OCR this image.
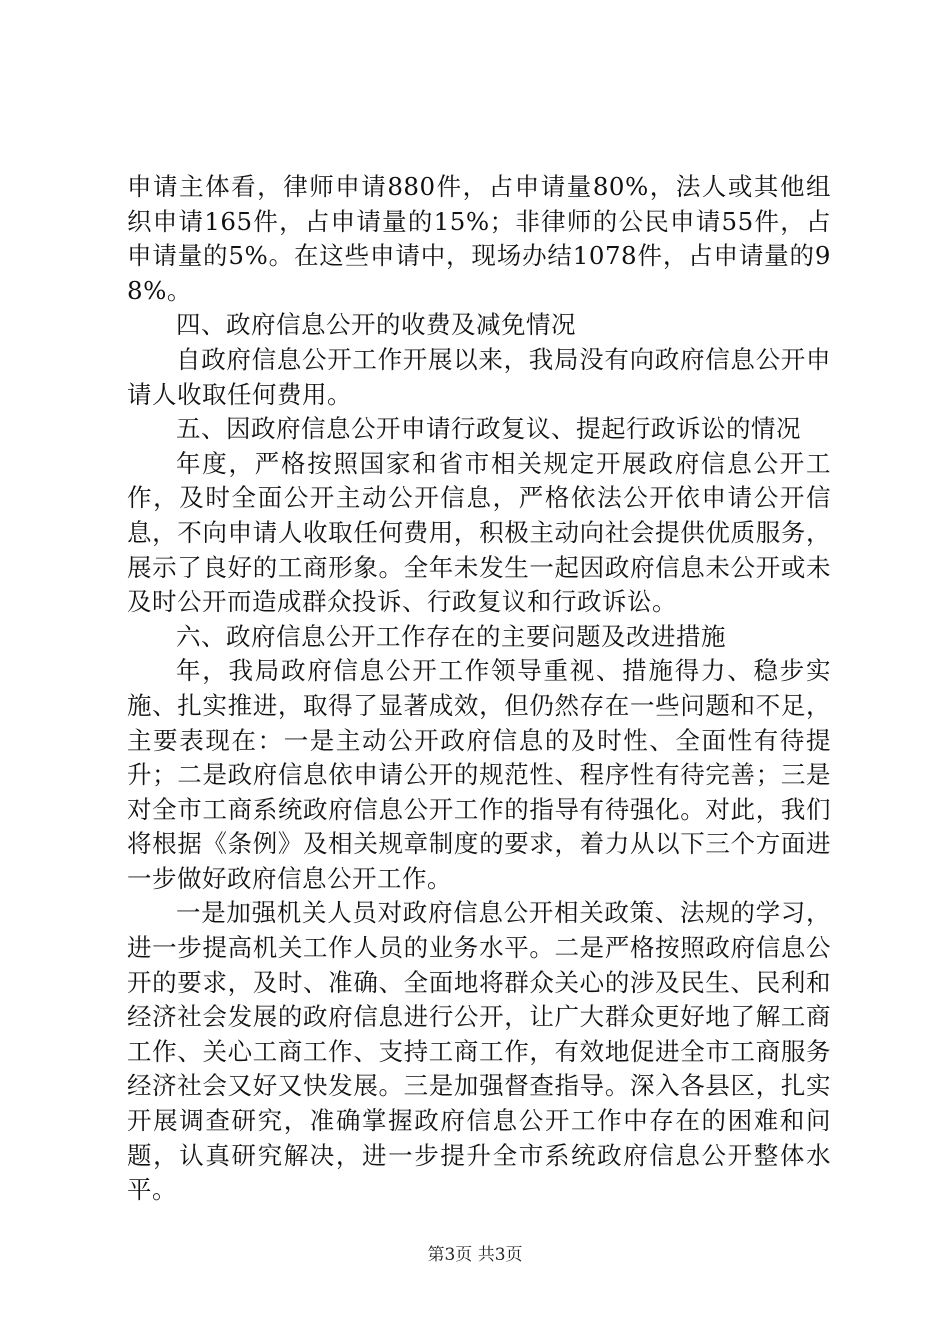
申请主体看，律师申请880件，占申请量80%，法人或其他组织申请165件，占申请量的15%；非律师的公民申请55件，占申请量的5%。在这些申请中，现场办结1078件，占申请量的98%。

四、政府信息公开的收费及减免情况

自政府信息公开工作开展以来，我局没有向政府信息公开申请人收取任何费用。

五、因政府信息公开申请行政复议、提起行政诉讼的情况

年度，严格按照国家和省市相关规定开展政府信息公开工作，及时全面公开主动公开信息，严格依法公开依申请公开信息，不向申请人收取任何费用，积极主动向社会提供优质服务，展示了良好的工商形象。全年未发生一起因政府信息未公开或未及时公开而造成群众投诉、行政复议和行政诉讼。

六、政府信息公开工作存在的主要问题及改进措施

年，我局政府信息公开工作领导重视、措施得力、稳步实施、扎实推进，取得了显著成效，但仍然存在一些问题和不足，主要表现在：一是主动公开政府信息的及时性、全面性有待提升；二是政府信息依申请公开的规范性、程序性有待完善；三是对全市工商系统政府信息公开工作的指导有待强化。对此，我们将根据《条例》及相关规章制度的要求，着力从以下三个方面进一步做好政府信息公开工作。

一是加强机关人员对政府信息公开相关政策、法规的学习，进一步提高机关工作人员的业务水平。二是严格按照政府信息公开的要求，及时、准确、全面地将群众关心的涉及民生、民利和经济社会发展的政府信息进行公开，让广大群众更好地了解工商工作、关心工商工作、支持工商工作，有效地促进全市工商服务经济社会又好又快发展。三是加强督查指导。深入各县区，扎实开展调查研究，准确掌握政府信息公开工作中存在的困难和问题，认真研究解决，进一步提升全市系统政府信息公开整体水平。

第3页 共3页
